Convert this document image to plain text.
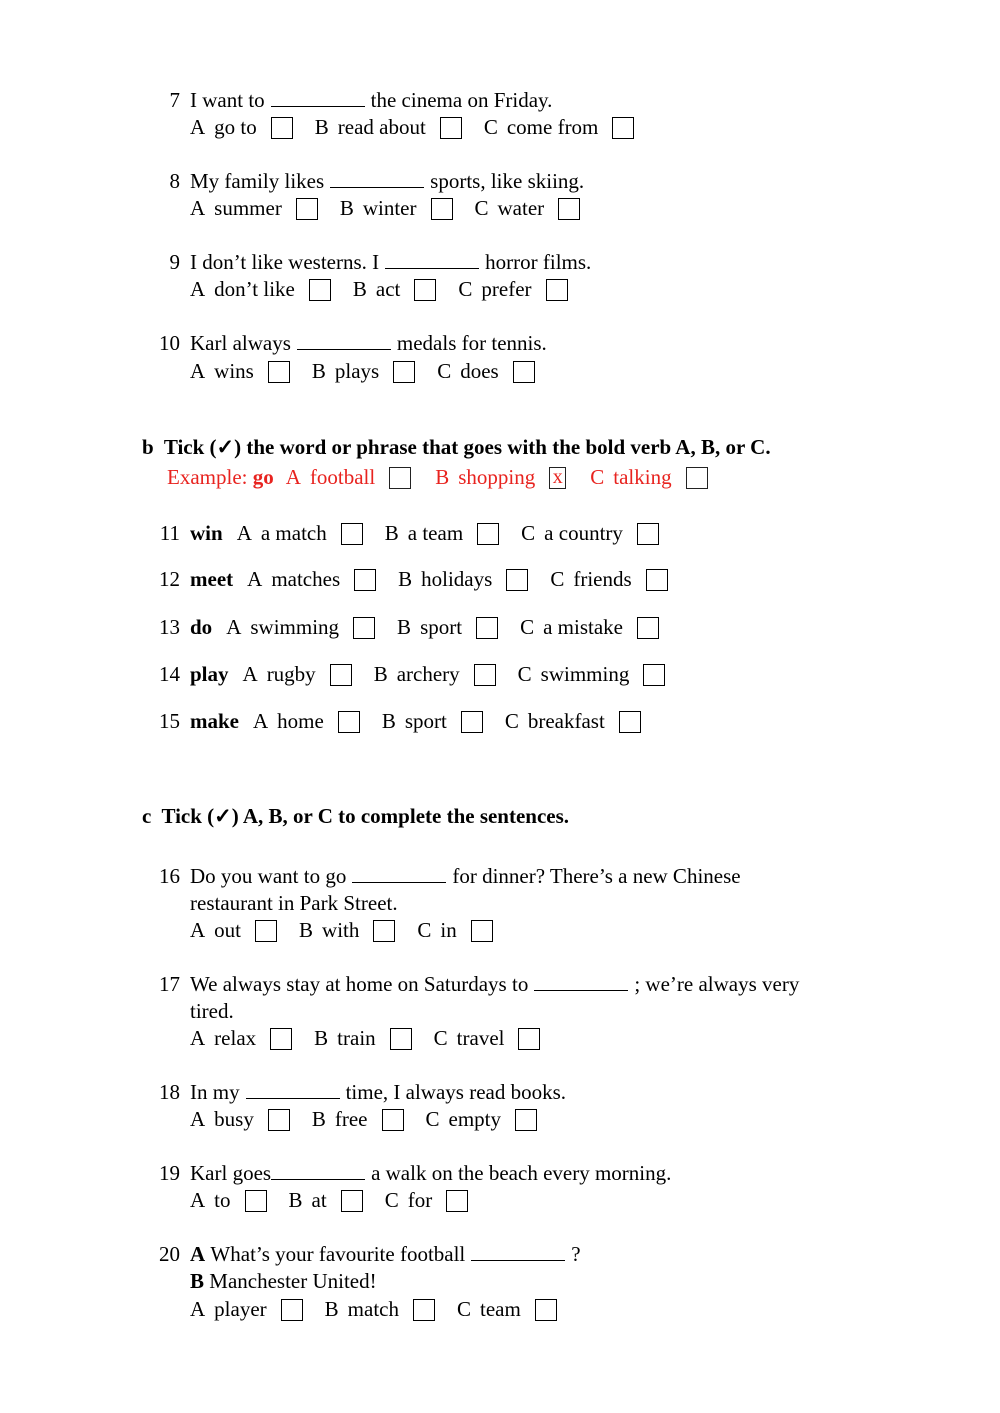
7 I want to	the cinema on Friday.
A go to	B read about	C come from
8 My family likes	sports, like skiing.
A summer	B winter	C water
9 I don’t like westerns. I	horror films.
A don’t like	B act	C prefer
10 Karl always	medals for tennis.
A wins	B plays	C does
b Tick (✓) the word or phrase that goes with the bold verb A, B, or C.
Example:
go A football	B shopping x C talking
11 win A a match	B a team	C a country
12 meet A matches	B holidays	C friends
13 do A swimming	B sport	C a mistake
14 play A rugby	B archery	C swimming
15 make A home	B sport	C breakfast
c Tick (✓) A, B, or C to complete the sentences.
16 Do you want to go	for dinner? There’s a new Chinese
restaurant in Park Street.
A out	B with	C in
17 We always stay at home on Saturdays to	; we’re always very
tired.
A relax	B train	C travel
18 In my	time, I always read books.
A busy	B free	C empty
19 Karl goes	a walk on the beach every morning.
A to	B at	C for
20 A What’s your favourite football	?
B Manchester United!
A player	B match	C team
